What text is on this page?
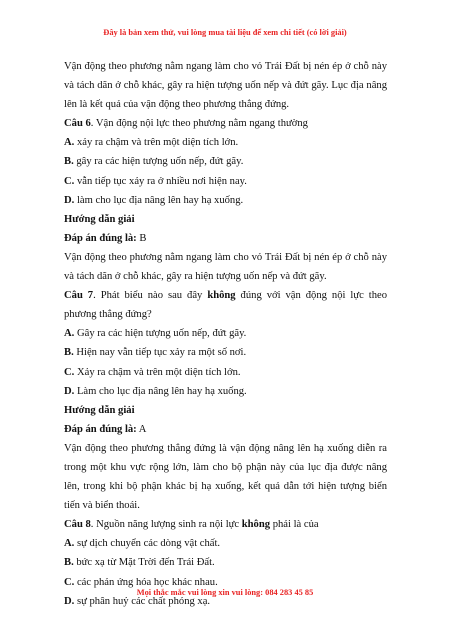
Đây là bản xem thử, vui lòng mua tài liệu để xem chi tiết (có lời giải)

Vận động theo phương nằm ngang làm cho vỏ Trái Đất bị nén ép ở chỗ này và tách dãn ở chỗ khác, gây ra hiện tượng uốn nếp và đứt gãy. Lục địa nâng lên là kết quả của vận động theo phương thẳng đứng.

Câu 6. Vận động nội lực theo phương nằm ngang thường

A. xảy ra chậm và trên một diện tích lớn.

B. gây ra các hiện tượng uốn nếp, đứt gãy.

C. vẫn tiếp tục xảy ra ở nhiều nơi hiện nay.

D. làm cho lục địa nâng lên hay hạ xuống.

Hướng dẫn giải

Đáp án đúng là: B

Vận động theo phương nằm ngang làm cho vỏ Trái Đất bị nén ép ở chỗ này và tách dãn ở chỗ khác, gây ra hiện tượng uốn nếp và đứt gãy.

Câu 7. Phát biểu nào sau đây không đúng với vận động nội lực theo phương thẳng đứng?

A. Gây ra các hiện tượng uốn nếp, đứt gãy.

B. Hiện nay vẫn tiếp tục xảy ra một số nơi.

C. Xảy ra chậm và trên một diện tích lớn.

D. Làm cho lục địa nâng lên hay hạ xuống.

Hướng dẫn giải

Đáp án đúng là: A

Vận động theo phương thẳng đứng là vận động nâng lên hạ xuống diễn ra trong một khu vực rộng lớn, làm cho bộ phận này của lục địa được nâng lên, trong khi bộ phận khác bị hạ xuống, kết quả dẫn tới hiện tượng biển tiến và biển thoái.

Câu 8. Nguồn năng lượng sinh ra nội lực không phải là của

A. sự dịch chuyển các dòng vật chất.

B. bức xạ từ Mặt Trời đến Trái Đất.

C. các phản ứng hóa học khác nhau.

D. sự phân huỷ các chất phóng xạ.

Mọi thắc mắc vui lòng xin vui lòng: 084 283 45 85
